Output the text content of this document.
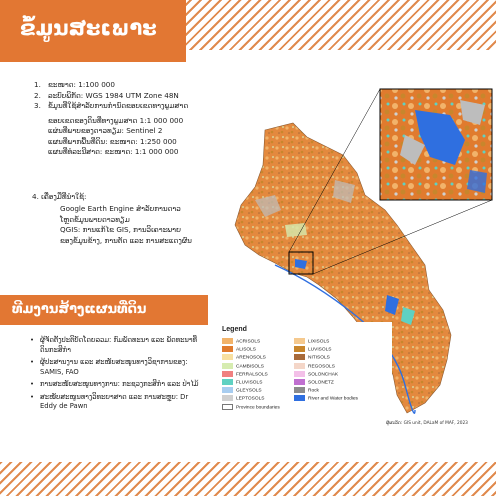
ຂໍ້ມູນສະເພາະ
1. ຂະໜາດ: 1:100 000
2. ລະບົບພິກັດ: WGS 1984 UTM Zone 48N
3. ຂໍ້ມູນທີ່ໃຊ້ສໍາລັບການກໍານົດຂອບເຂດທາງພູມສາດ
ຂອບເຂດຂອງດິນທີ່ທາງພູມສາດ 1:1 000 000
ແຜ່ນທີ່ພາບຂອງດາວທຽມ: Sentinel 2
ແຜນທີ່ພາກພື້ນທີ່ດິນ: ຂະໜາດ: 1:250 000
ແຜນທີ່ທໍລະນີສາດ: ຂະໜາດ: 1:1 000 000
4. ເຄື່ອງມືທີ່ນໍາໃຊ້:
Google Earth Engine ສໍາລັບການດາວ
ໂຫຼດຂໍ້ມູນພາບດາວທຽມ
QGIS: ການແກ້ໄຂ GIS, ການວິເຄາະພາຍ
ຂອງຂໍ້ມູນຂ້າງ, ການຕັດ ແລະ ການສະແດງຜົນ
ທີມງານສ້າງແຜນທີ່ດິນ
• ຜູ້ຈັດຕັ້ງປະຕິບັດໂດຍລວມ: ກົມພັດທະນາ ແລະ ພັດທະນາທີ່ດິນກະສິກໍາ
• ຜູ້ປະສານງານ ແລະ ສະໜັບສະໜູນທາງວິຊາການຂອງ: SAMIS, FAO
• ການສະໜັບສະໜູນທາງການ: ກະຊວງກະສິກໍາ ແລະ ປ່າໄມ້
• ສະໜັບສະໜູນທາງວິທະຍາສາດ ແລະ ການສະຫຼຸບ: Dr Eddy de Pawn
Legend
ACRISOLS
ALISOLS
ARENOSOLS
CAMBISOLS
FERRALSOLS
FLUVISOLS
GLEYSOLS
LEPTOSOLS
Province boundaries
LIXISOLS
LUVISOLS
NITISOLS
REGOSOLS
SOLONCHAK
SOLONETZ
Rock
River and Water bodies
ຜູ້ຜະລິດ: GIS unit, DALaM of MAF, 2023
